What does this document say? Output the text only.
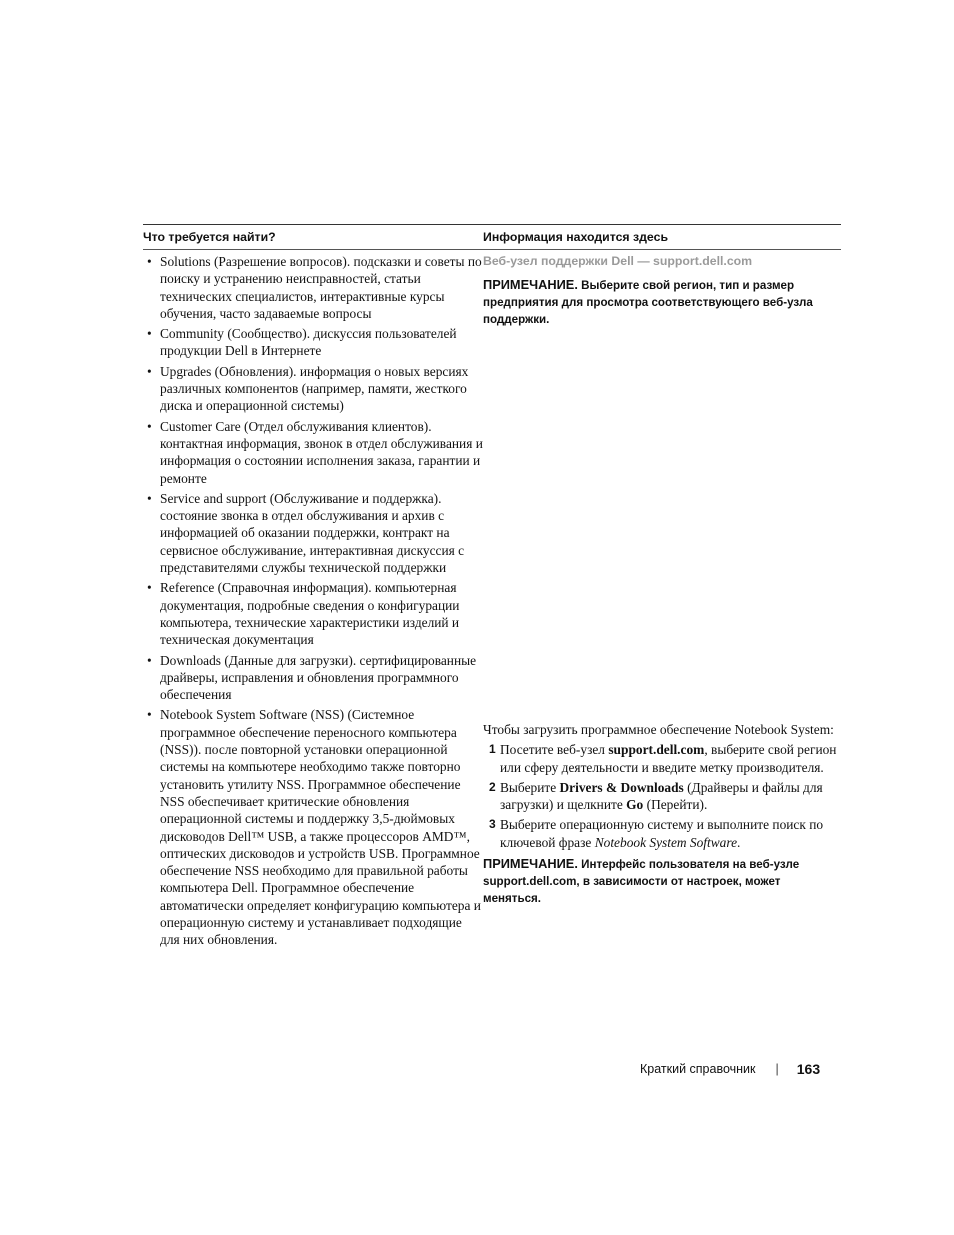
Что требуется найти?	Информация находится здесь
• Solutions (Разрешение вопросов). подсказки и советы по поиску и устранению неисправностей, статьи технических специалистов, интерактивные курсы обучения, часто задаваемые вопросы
• Community (Сообщество). дискуссия пользователей продукции Dell в Интернете
• Upgrades (Обновления). информация о новых версиях различных компонентов (например, памяти, жесткого диска и операционной системы)
• Customer Care (Отдел обслуживания клиентов). контактная информация, звонок в отдел обслуживания и информация о состоянии исполнения заказа, гарантии и ремонте
• Service and support (Обслуживание и поддержка). состояние звонка в отдел обслуживания и архив с информацией об оказании поддержки, контракт на сервисное обслуживание, интерактивная дискуссия с представителями службы технической поддержки
• Reference (Справочная информация). компьютерная документация, подробные сведения о конфигурации компьютера, технические характеристики изделий и техническая документация
• Downloads (Данные для загрузки). сертифицированные драйверы, исправления и обновления программного обеспечения
• Notebook System Software (NSS) (Системное программное обеспечение переносного компьютера (NSS)). после повторной установки операционной системы на компьютере необходимо также повторно установить утилиту NSS. Программное обеспечение NSS обеспечивает критические обновления операционной системы и поддержку 3,5-дюймовых дисководов Dell™ USB, а также процессоров AMD™, оптических дисководов и устройств USB. Программное обеспечение NSS необходимо для правильной работы компьютера Dell. Программное обеспечение автоматически определяет конфигурацию компьютера и операционную систему и устанавливает подходящие для них обновления.
Веб-узел поддержки Dell — support.dell.com
ПРИМЕЧАНИЕ. Выберите свой регион, тип и размер предприятия для просмотра соответствующего веб-узла поддержки.
Чтобы загрузить программное обеспечение Notebook System:
1 Посетите веб-узел support.dell.com, выберите свой регион или сферу деятельности и введите метку производителя.
2 Выберите Drivers & Downloads (Драйверы и файлы для загрузки) и щелкните Go (Перейти).
3 Выберите операционную систему и выполните поиск по ключевой фразе Notebook System Software.
ПРИМЕЧАНИЕ. Интерфейс пользователя на веб-узле support.dell.com, в зависимости от настроек, может меняться.
Краткий справочник | 163
